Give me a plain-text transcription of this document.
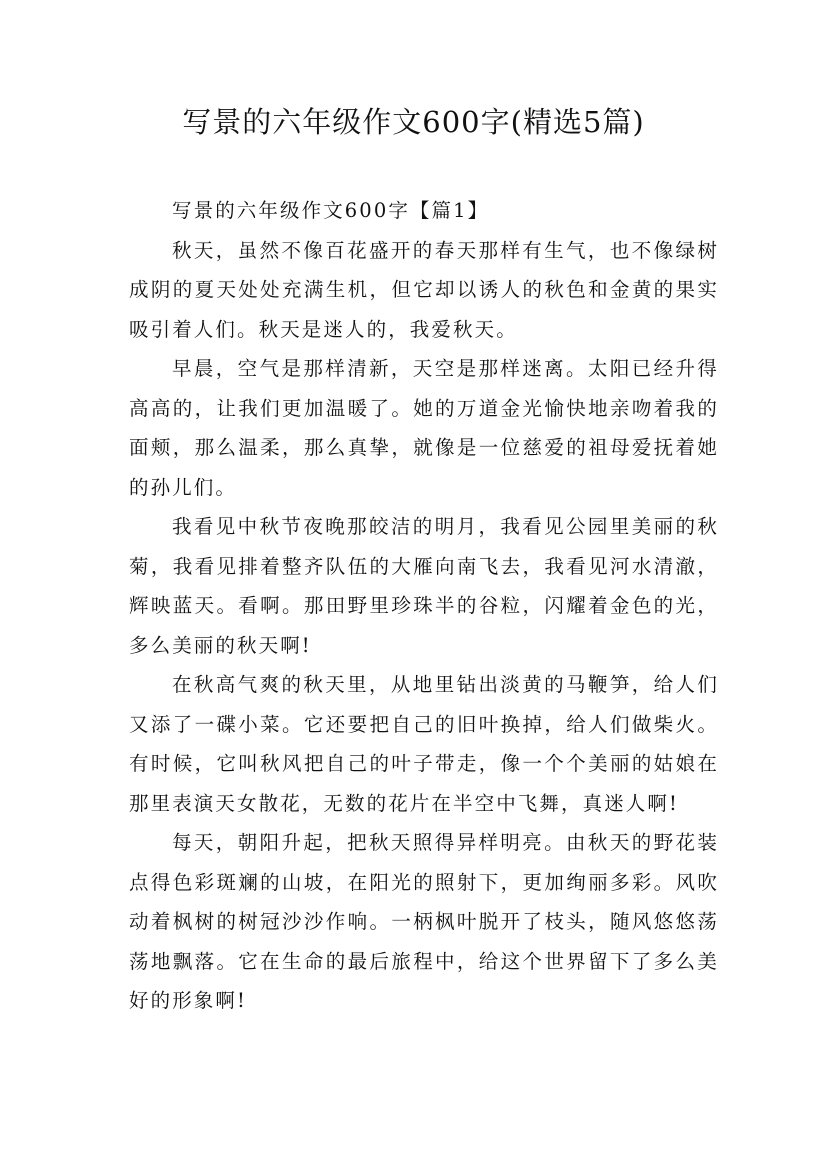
写景的六年级作文600字(精选5篇)

写景的六年级作文600字【篇1】

秋天，虽然不像百花盛开的春天那样有生气，也不像绿树成阴的夏天处处充满生机，但它却以诱人的秋色和金黄的果实吸引着人们。秋天是迷人的，我爱秋天。

早晨，空气是那样清新，天空是那样迷离。太阳已经升得高高的，让我们更加温暖了。她的万道金光愉快地亲吻着我的面颊，那么温柔，那么真挚，就像是一位慈爱的祖母爱抚着她的孙儿们。

我看见中秋节夜晚那皎洁的明月，我看见公园里美丽的秋菊，我看见排着整齐队伍的大雁向南飞去，我看见河水清澈，辉映蓝天。看啊。那田野里珍珠半的谷粒，闪耀着金色的光，多么美丽的秋天啊!

在秋高气爽的秋天里，从地里钻出淡黄的马鞭笋，给人们又添了一碟小菜。它还要把自己的旧叶换掉，给人们做柴火。有时候，它叫秋风把自己的叶子带走，像一个个美丽的姑娘在那里表演天女散花，无数的花片在半空中飞舞，真迷人啊!

每天，朝阳升起，把秋天照得异样明亮。由秋天的野花装点得色彩斑斓的山坡，在阳光的照射下，更加绚丽多彩。风吹动着枫树的树冠沙沙作响。一柄枫叶脱开了枝头，随风悠悠荡荡地飘落。它在生命的最后旅程中，给这个世界留下了多么美好的形象啊!
